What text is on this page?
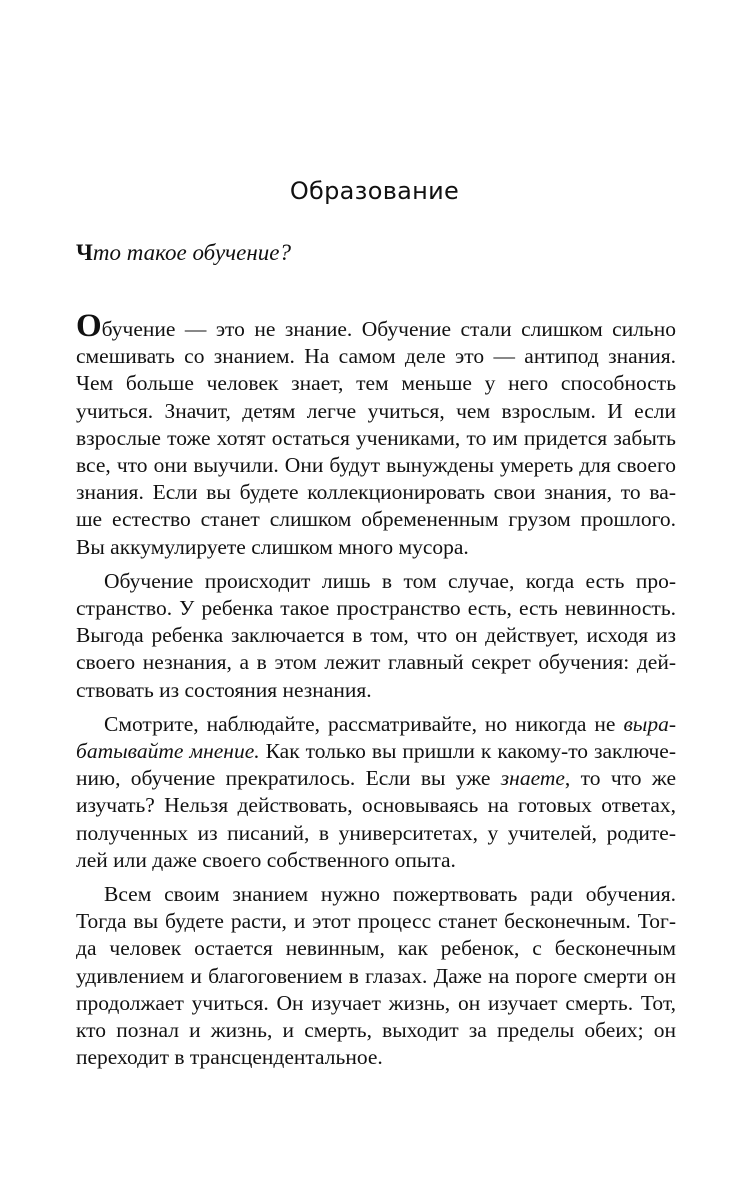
Образование
Что такое обучение?
Обучение — это не знание. Обучение стали слишком сильно
смешивать со знанием. На самом деле это — антипод знания.
Чем больше человек знает, тем меньше у него способность
учиться. Значит, детям легче учиться, чем взрослым. И если
взрослые тоже хотят остаться учениками, то им придется забыть
все, что они выучили. Они будут вынуждены умереть для своего
знания. Если вы будете коллекционировать свои знания, то ва-
ше естество станет слишком обремененным грузом прошлого.
Вы аккумулируете слишком много мусора.
Обучение происходит лишь в том случае, когда есть про-
странство. У ребенка такое пространство есть, есть невинность.
Выгода ребенка заключается в том, что он действует, исходя из
своего незнания, а в этом лежит главный секрет обучения: дей-
ствовать из состояния незнания.
Смотрите, наблюдайте, рассматривайте, но никогда не выра-
батывайте мнение. Как только вы пришли к какому-то заключе-
нию, обучение прекратилось. Если вы уже знаете, то что же
изучать? Нельзя действовать, основываясь на готовых ответах,
полученных из писаний, в университетах, у учителей, родите-
лей или даже своего собственного опыта.
Всем своим знанием нужно пожертвовать ради обучения.
Тогда вы будете расти, и этот процесс станет бесконечным. Тог-
да человек остается невинным, как ребенок, с бесконечным
удивлением и благоговением в глазах. Даже на пороге смерти он
продолжает учиться. Он изучает жизнь, он изучает смерть. Тот,
кто познал и жизнь, и смерть, выходит за пределы обеих; он
переходит в трансцендентальное.
